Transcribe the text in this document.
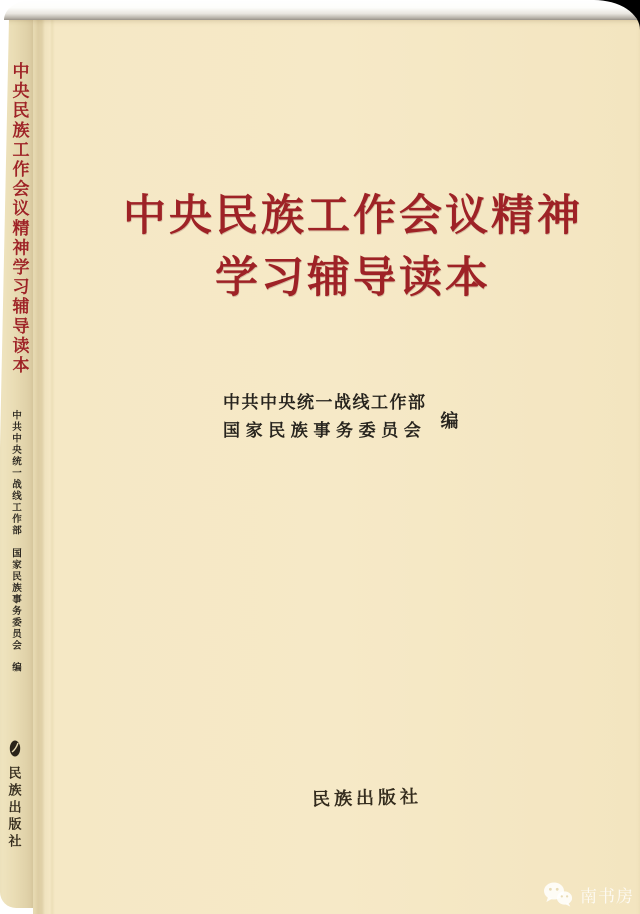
中央民族工作会议精神学习辅导读本
中共中央统一战线工作部
国家民族事务委员会
编
民族出版社
中央民族工作会议精神
学习辅导读本
中共中央统一战线工作部
国家民族事务委员会 编
民族出版社
南书房
